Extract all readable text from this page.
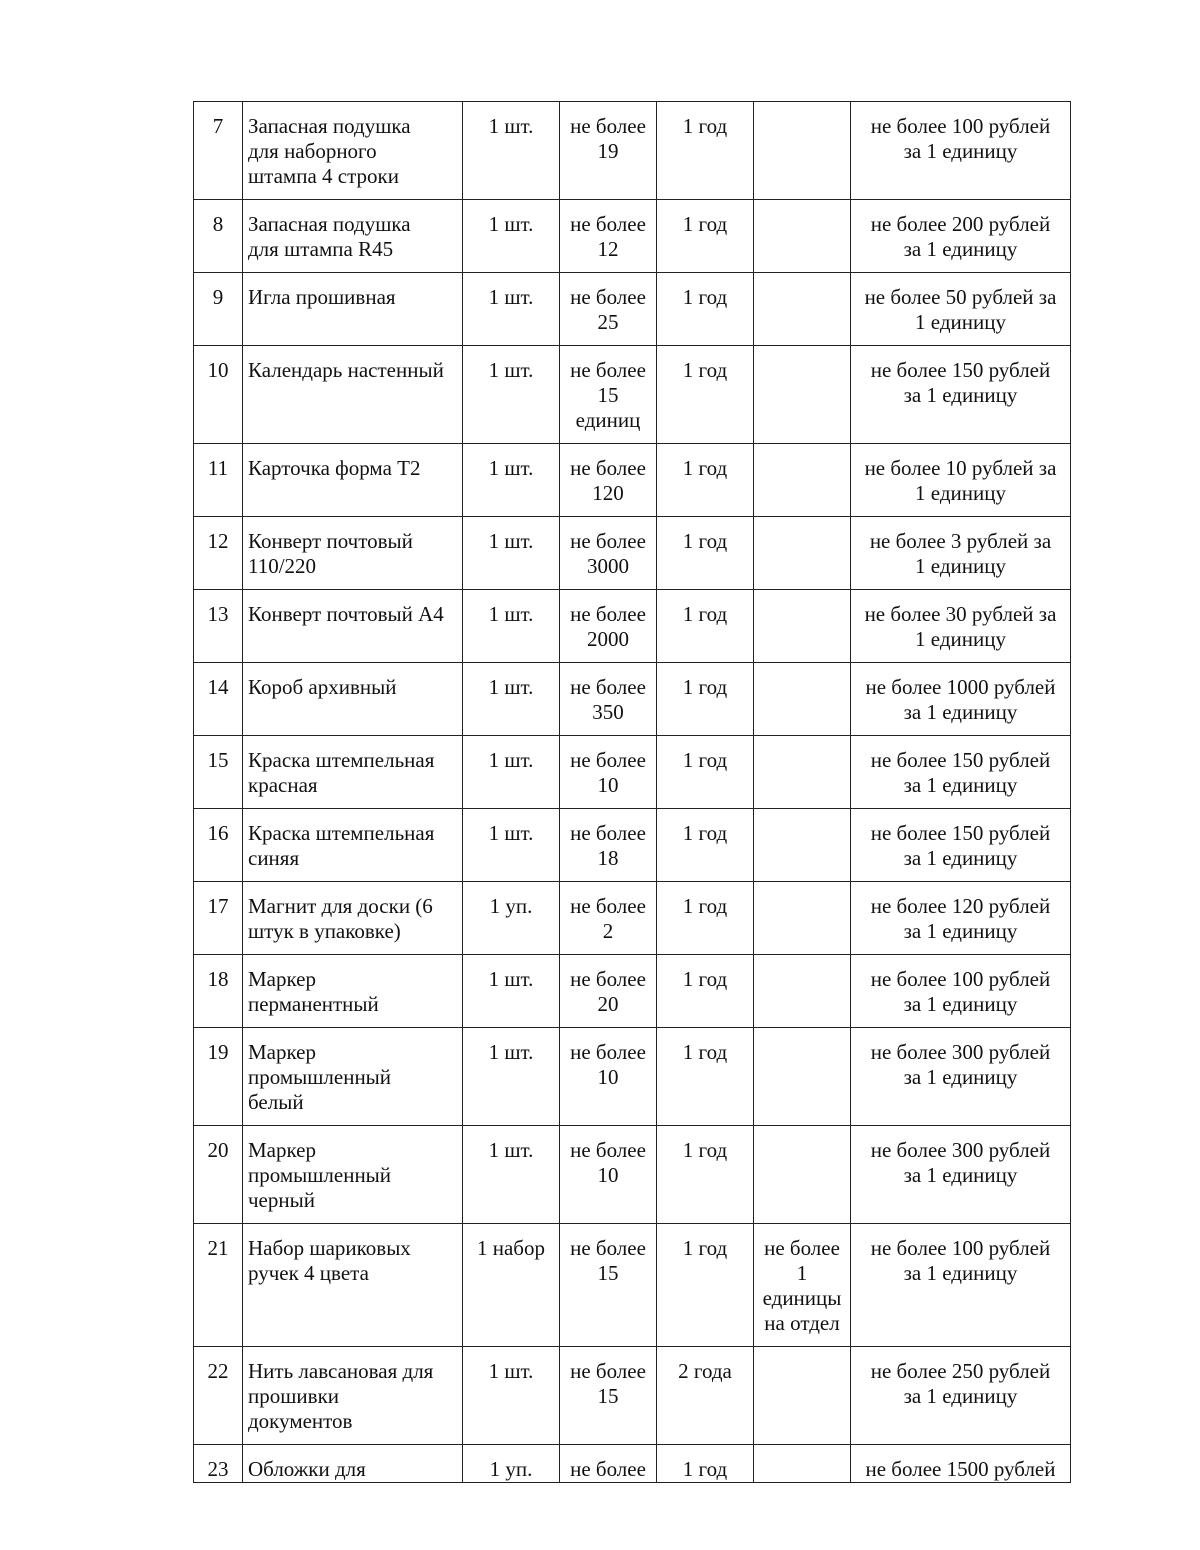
7	Запасная подушка
для наборного
штампа 4 строки	1 шт.	не более
19	1 год		не более 100 рублей
за 1 единицу

8	Запасная подушка
для штампа R45	1 шт.	не более
12	1 год		не более 200 рублей
за 1 единицу

9	Игла прошивная	1 шт.	не более
25	1 год		не более 50 рублей за
1 единицу

10	Календарь настенный	1 шт.	не более
15
единиц	1 год		не более 150 рублей
за 1 единицу

11	Карточка форма Т2	1 шт.	не более
120	1 год		не более 10 рублей за
1 единицу

12	Конверт почтовый
110/220	1 шт.	не более
3000	1 год		не более 3 рублей за
1 единицу

13	Конверт почтовый А4	1 шт.	не более
2000	1 год		не более 30 рублей за
1 единицу

14	Короб архивный	1 шт.	не более
350	1 год		не более 1000 рублей
за 1 единицу

15	Краска штемпельная
красная	1 шт.	не более
10	1 год		не более 150 рублей
за 1 единицу

16	Краска штемпельная
синяя	1 шт.	не более
18	1 год		не более 150 рублей
за 1 единицу

17	Магнит для доски (6
штук в упаковке)	1 уп.	не более
2	1 год		не более 120 рублей
за 1 единицу

18	Маркер
перманентный	1 шт.	не более
20	1 год		не более 100 рублей
за 1 единицу

19	Маркер
промышленный
белый	1 шт.	не более
10	1 год		не более 300 рублей
за 1 единицу

20	Маркер
промышленный
черный	1 шт.	не более
10	1 год		не более 300 рублей
за 1 единицу

21	Набор шариковых
ручек 4 цвета	1 набор	не более
15	1 год	не более
1
единицы
на отдел	не более 100 рублей
за 1 единицу

22	Нить лавсановая для
прошивки
документов	1 шт.	не более
15	2 года		не более 250 рублей
за 1 единицу

23	Обложки для	1 уп.	не более	1 год		не более 1500 рублей
